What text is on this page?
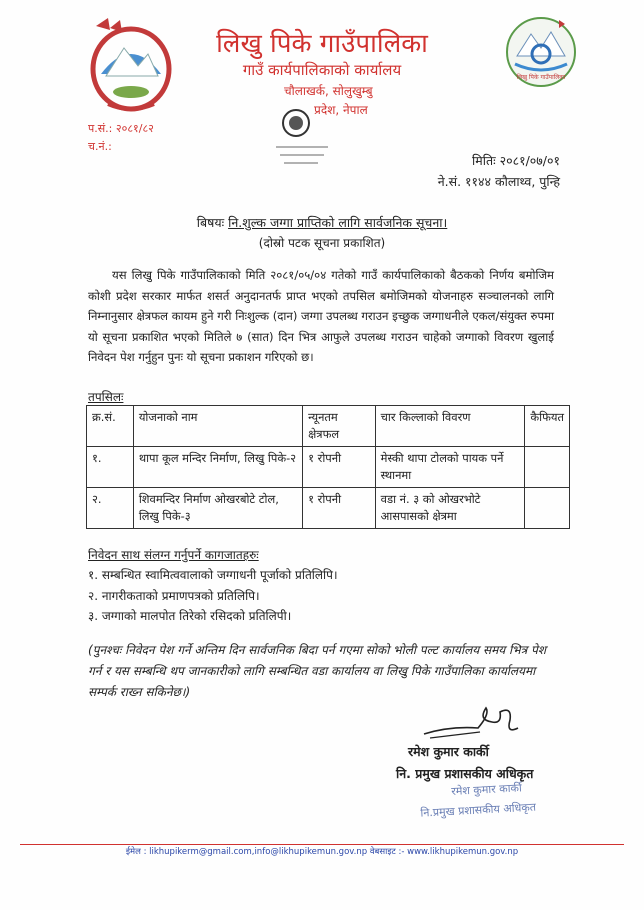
लिखु पिके गाउँपालिका
लिखु पिके गाउँपालिका
गाउँ कार्यपालिकाको कार्यालय
चौलाखर्क, सोलुखुम्बु
प्रदेश, नेपाल
प.सं.: २०८१/८२
च.नं.:
मितिः २०८१/०७/०१
ने.सं. ११४४ कौलाथ्व, पुन्हि
बिषयः नि.शुल्क जग्गा प्राप्तिको लागि सार्वजनिक सूचना।
(दोस्रो पटक सूचना प्रकाशित)
यस लिखु पिके गाउँपालिकाको मिति २०८१/०५/०४ गतेको गाउँ कार्यपालिकाको बैठकको निर्णय बमोजिम कोशी प्रदेश सरकार मार्फत शसर्त अनुदानतर्फ प्राप्त भएको तपसिल बमोजिमको योजनाहरु सञ्चालनको लागि निम्नानुसार क्षेत्रफल कायम हुने गरी निःशुल्क (दान) जग्गा उपलब्ध गराउन इच्छुक जग्गाधनीले एकल/संयुक्त रुपमा यो सूचना प्रकाशित भएको मितिले ७ (सात) दिन भित्र आफुले उपलब्ध गराउन चाहेको जग्गाको विवरण खुलाई निवेदन पेश गर्नुहुन पुनः यो सूचना प्रकाशन गरिएको छ।
तपसिलः
क्र.सं.	योजनाको नाम	न्यूनतम क्षेत्रफल	चार किल्लाको विवरण	कैफियत
१.	थापा कूल मन्दिर निर्माण, लिखु पिके-२	१ रोपनी	मेस्की थापा टोलको पायक पर्ने स्थानमा	
२.	शिवमन्दिर निर्माण ओखरबोटे टोल, लिखु पिके-३	१ रोपनी	वडा नं. ३ को ओखरभोटे आसपासको क्षेत्रमा	
निवेदन साथ संलग्न गर्नुपर्ने कागजातहरुः
१. सम्बन्धित स्वामित्ववालाको जग्गाधनी पूर्जाको प्रतिलिपि।
२. नागरीकताको प्रमाणपत्रको प्रतिलिपि।
३. जग्गाको मालपोत तिरेको रसिदको प्रतिलिपी।
(पुनश्चः निवेदन पेश गर्ने अन्तिम दिन सार्वजनिक बिदा पर्न गएमा सोको भोली पल्ट कार्यालय समय भित्र पेश गर्न र यस सम्बन्धि थप जानकारीको लागि सम्बन्धित वडा कार्यालय वा लिखु पिके गाउँपालिका कार्यालयमा सम्पर्क राख्न सकिनेछ।)
रमेश कुमार कार्की
नि. प्रमुख प्रशासकीय अधिकृत
रमेश कुमार कार्की
नि.प्रमुख प्रशासकीय अधिकृत
ईमेल : likhupikerm@gmail.com,info@likhupikemun.gov.np वेबसाइट :- www.likhupikemun.gov.np
